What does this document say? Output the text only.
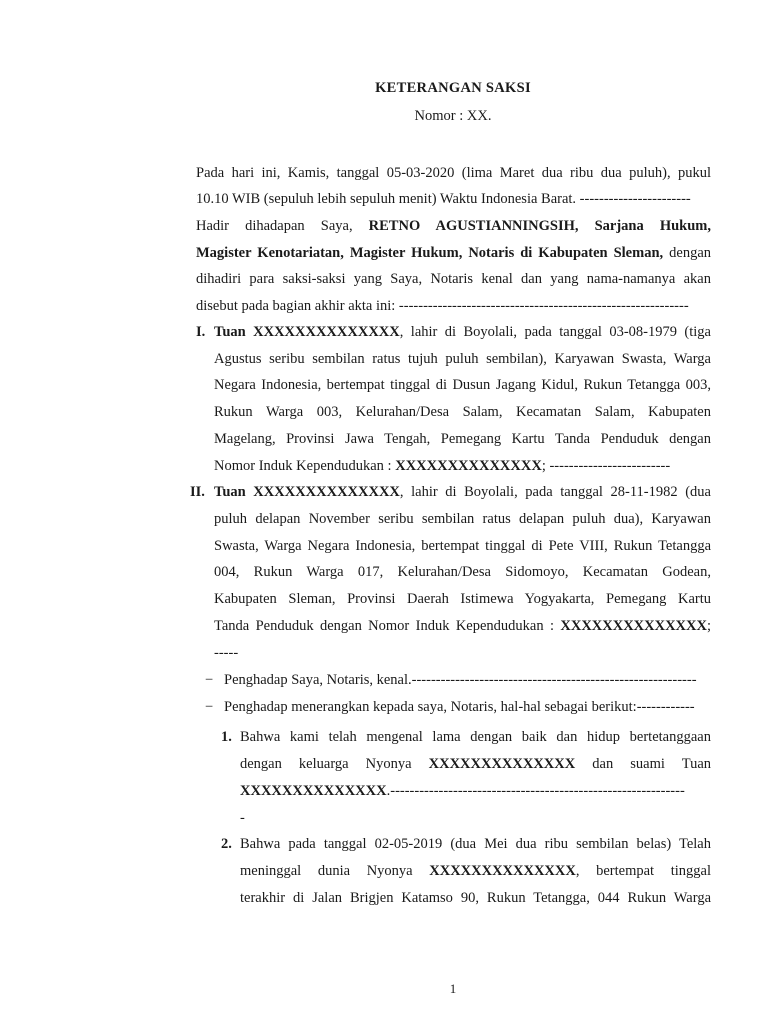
KETERANGAN SAKSI
Nomor : XX.
Pada hari ini, Kamis, tanggal 05-03-2020 (lima Maret dua ribu dua puluh), pukul
10.10 WIB (sepuluh lebih sepuluh menit) Waktu Indonesia Barat. -----------------------
Hadir dihadapan Saya, RETNO AGUSTIANNINGSIH, Sarjana Hukum,
Magister Kenotariatan, Magister Hukum, Notaris di Kabupaten Sleman, dengan
dihadiri para saksi-saksi yang Saya, Notaris kenal dan yang nama-namanya akan
disebut pada bagian akhir akta ini: ------------------------------------------------------------
I. Tuan XXXXXXXXXXXXXX, lahir di Boyolali, pada tanggal 03-08-1979 (tiga
Agustus seribu sembilan ratus tujuh puluh sembilan), Karyawan Swasta, Warga
Negara Indonesia, bertempat tinggal di Dusun Jagang Kidul, Rukun Tetangga 003,
Rukun Warga 003, Kelurahan/Desa Salam, Kecamatan Salam, Kabupaten
Magelang, Provinsi Jawa Tengah, Pemegang Kartu Tanda Penduduk dengan
Nomor Induk Kependudukan : XXXXXXXXXXXXXX; -------------------------
II. Tuan XXXXXXXXXXXXXX, lahir di Boyolali, pada tanggal 28-11-1982 (dua
puluh delapan November seribu sembilan ratus delapan puluh dua), Karyawan
Swasta, Warga Negara Indonesia, bertempat tinggal di Pete VIII, Rukun Tetangga
004, Rukun Warga 017, Kelurahan/Desa Sidomoyo, Kecamatan Godean,
Kabupaten Sleman, Provinsi Daerah Istimewa Yogyakarta, Pemegang Kartu
Tanda Penduduk dengan Nomor Induk Kependudukan : XXXXXXXXXXXXXX;
-----
− Penghadap Saya, Notaris, kenal.-----------------------------------------------------------
− Penghadap menerangkan kepada saya, Notaris, hal-hal sebagai berikut:------------
1. Bahwa kami telah mengenal lama dengan baik dan hidup bertetanggaan
dengan keluarga Nyonya XXXXXXXXXXXXXX dan suami Tuan
XXXXXXXXXXXXXX.-------------------------------------------------------------
-
2. Bahwa pada tanggal 02-05-2019 (dua Mei dua ribu sembilan belas) Telah
meninggal dunia Nyonya XXXXXXXXXXXXXX, bertempat tinggal
terakhir di Jalan Brigjen Katamso 90, Rukun Tetangga, 044 Rukun Warga
1
